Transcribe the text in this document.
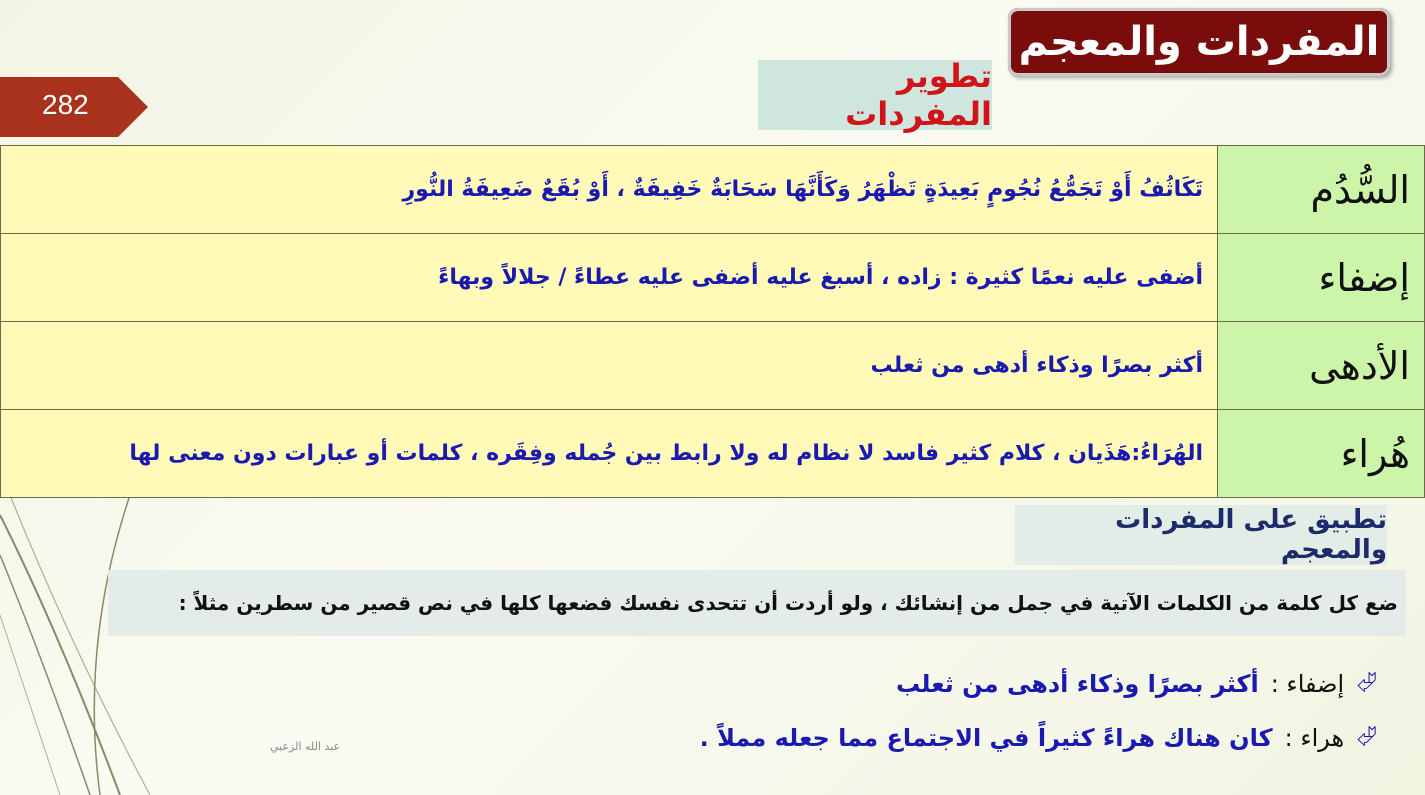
المفردات والمعجم
تطوير المفردات
282
السُّدُم	تَكَاثُفُ أَوْ تَجَمُّعُ نُجُومٍ بَعِيدَةٍ تَظْهَرُ وَكَأَنَّهَا سَحَابَةٌ خَفِيفَةٌ ، أَوْ بُقَعٌ ضَعِيفَةُ النُّورِ
إضفاء	أضفى عليه نعمًا كثيرة : زاده ، أسبغ عليه أضفى عليه عطاءً / جلالاً وبهاءً
الأدهى	أكثر بصرًا وذكاء أدهى من ثعلب
هُراء	الهُرَاءُ:هَذَيان ، كلام كثير فاسد لا نظام له ولا رابط بين جُمله وفِقَره ، كلمات أو عبارات دون معنى لها
تطبيق على المفردات والمعجم
ضع كل كلمة من الكلمات الآتية في جمل من إنشائك ، ولو أردت أن تتحدى نفسك فضعها كلها في نص قصير من سطرين مثلاً :
⮰
إضفاء :
أكثر بصرًا وذكاء أدهى من ثعلب
⮰
هراء :
كان هناك هراءً كثيراً في الاجتماع مما جعله مملاً .
عبد الله الزعبي
